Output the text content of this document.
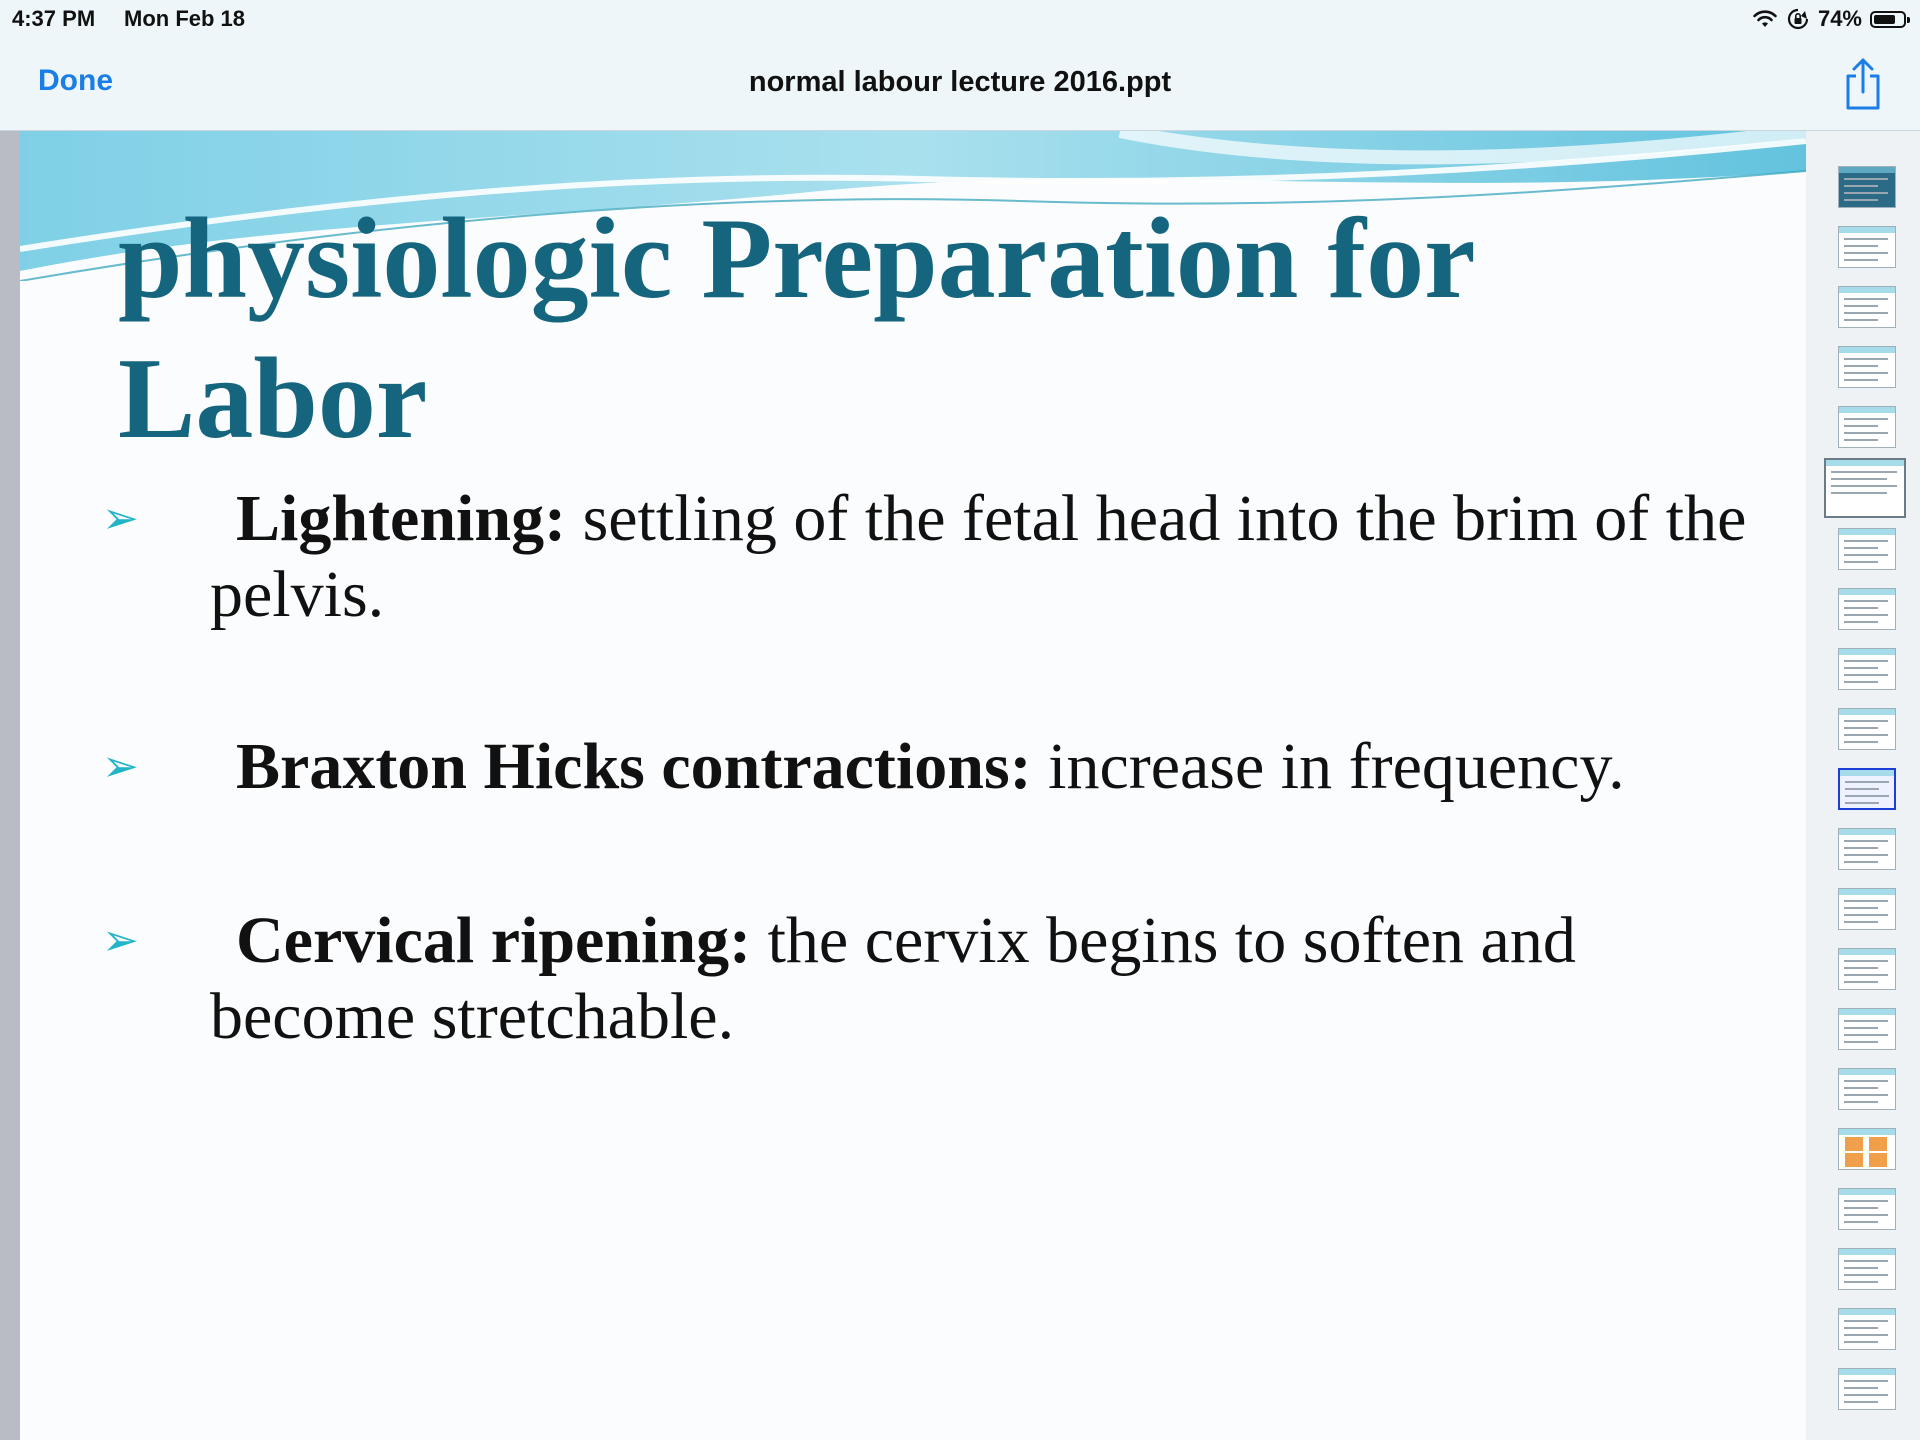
4:37 PM Mon Feb 18	74%
Done	normal labour lecture 2016.ppt
physiologic Preparation for Labor
➢	Lightening: settling of the fetal head into the brim of the pelvis.
➢	Braxton Hicks contractions: increase in frequency.
➢	Cervical ripening: the cervix begins to soften and become stretchable.
